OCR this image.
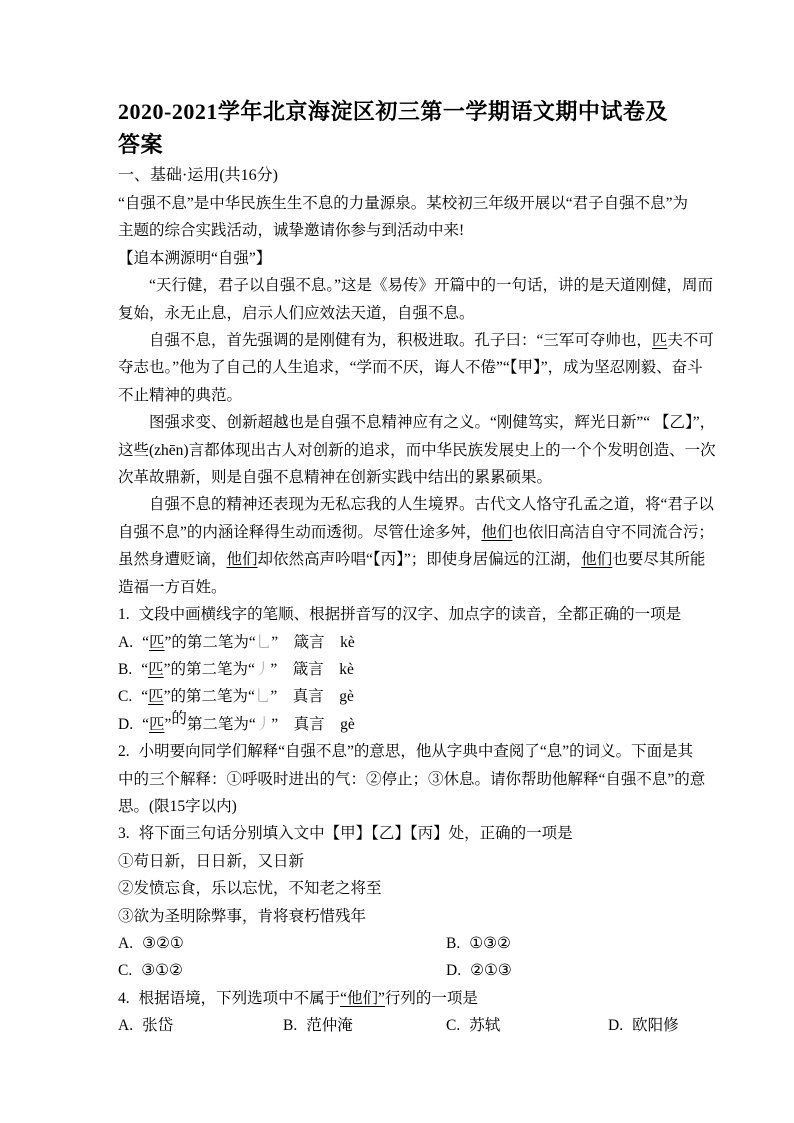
2020-2021学年北京海淀区初三第一学期语文期中试卷及答案
一、基础·运用(共16分)
“自强不息”是中华民族生生不息的力量源泉。某校初三年级开展以“君子自强不息”为
主题的综合实践活动，诚挚邀请你参与到活动中来!
【追本溯源明“自强”】
“天行健，君子以自强不息。”这是《易传》开篇中的一句话，讲的是天道刚健，周而
复始，永无止息，启示人们应效法天道，自强不息。
自强不息，首先强调的是刚健有为，积极进取。孔子曰：“三军可夺帅也，匹夫不可
夺志也。”他为了自己的人生追求，“学而不厌，诲人不倦”“【甲】”，成为坚忍刚毅、奋斗
不止精神的典范。
图强求变、创新超越也是自强不息精神应有之义。“刚健笃实，辉光日新”“ 【乙】”，
这些(zhēn)言都体现出古人对创新的追求，而中华民族发展史上的一个个发明创造、一次
次革故鼎新，则是自强不息精神在创新实践中结出的累累硕果。
自强不息的精神还表现为无私忘我的人生境界。古代文人恪守孔孟之道，将“君子以
自强不息”的内涵诠释得生动而透彻。尽管仕途多舛，他们也依旧高洁自守不同流合污；
虽然身遭贬谪，他们却依然高声吟唱“【丙】”；即使身居偏远的江湖，他们也要尽其所能
造福一方百姓。
1. 文段中画横线字的笔顺、根据拼音写的汉字、加点字的读音，全都正确的一项是
A. “匹”的第二笔为“乚”　箴言　kè
B. “匹”的第二笔为“丿”　箴言　kè
C. “匹”的第二笔为“乚”　真言　gè
D. “匹”的第二笔为“丿”　真言　gè
2. 小明要向同学们解释“自强不息”的意思，他从字典中查阅了“息”的词义。下面是其
中的三个解释：①呼吸时进出的气：②停止；③休息。请你帮助他解释“自强不息”的意
思。(限15字以内)
3. 将下面三句话分别填入文中【甲】【乙】【丙】处，正确的一项是
①苟日新，日日新，又日新
②发愤忘食，乐以忘忧，不知老之将至
③欲为圣明除弊事，肯将衰朽惜残年
A. ③②①	B. ①③②
C. ③①②	D. ②①③
4. 根据语境，下列选项中不属于“他们”行列的一项是
A. 张岱	B. 范仲淹	C. 苏轼	D. 欧阳修
